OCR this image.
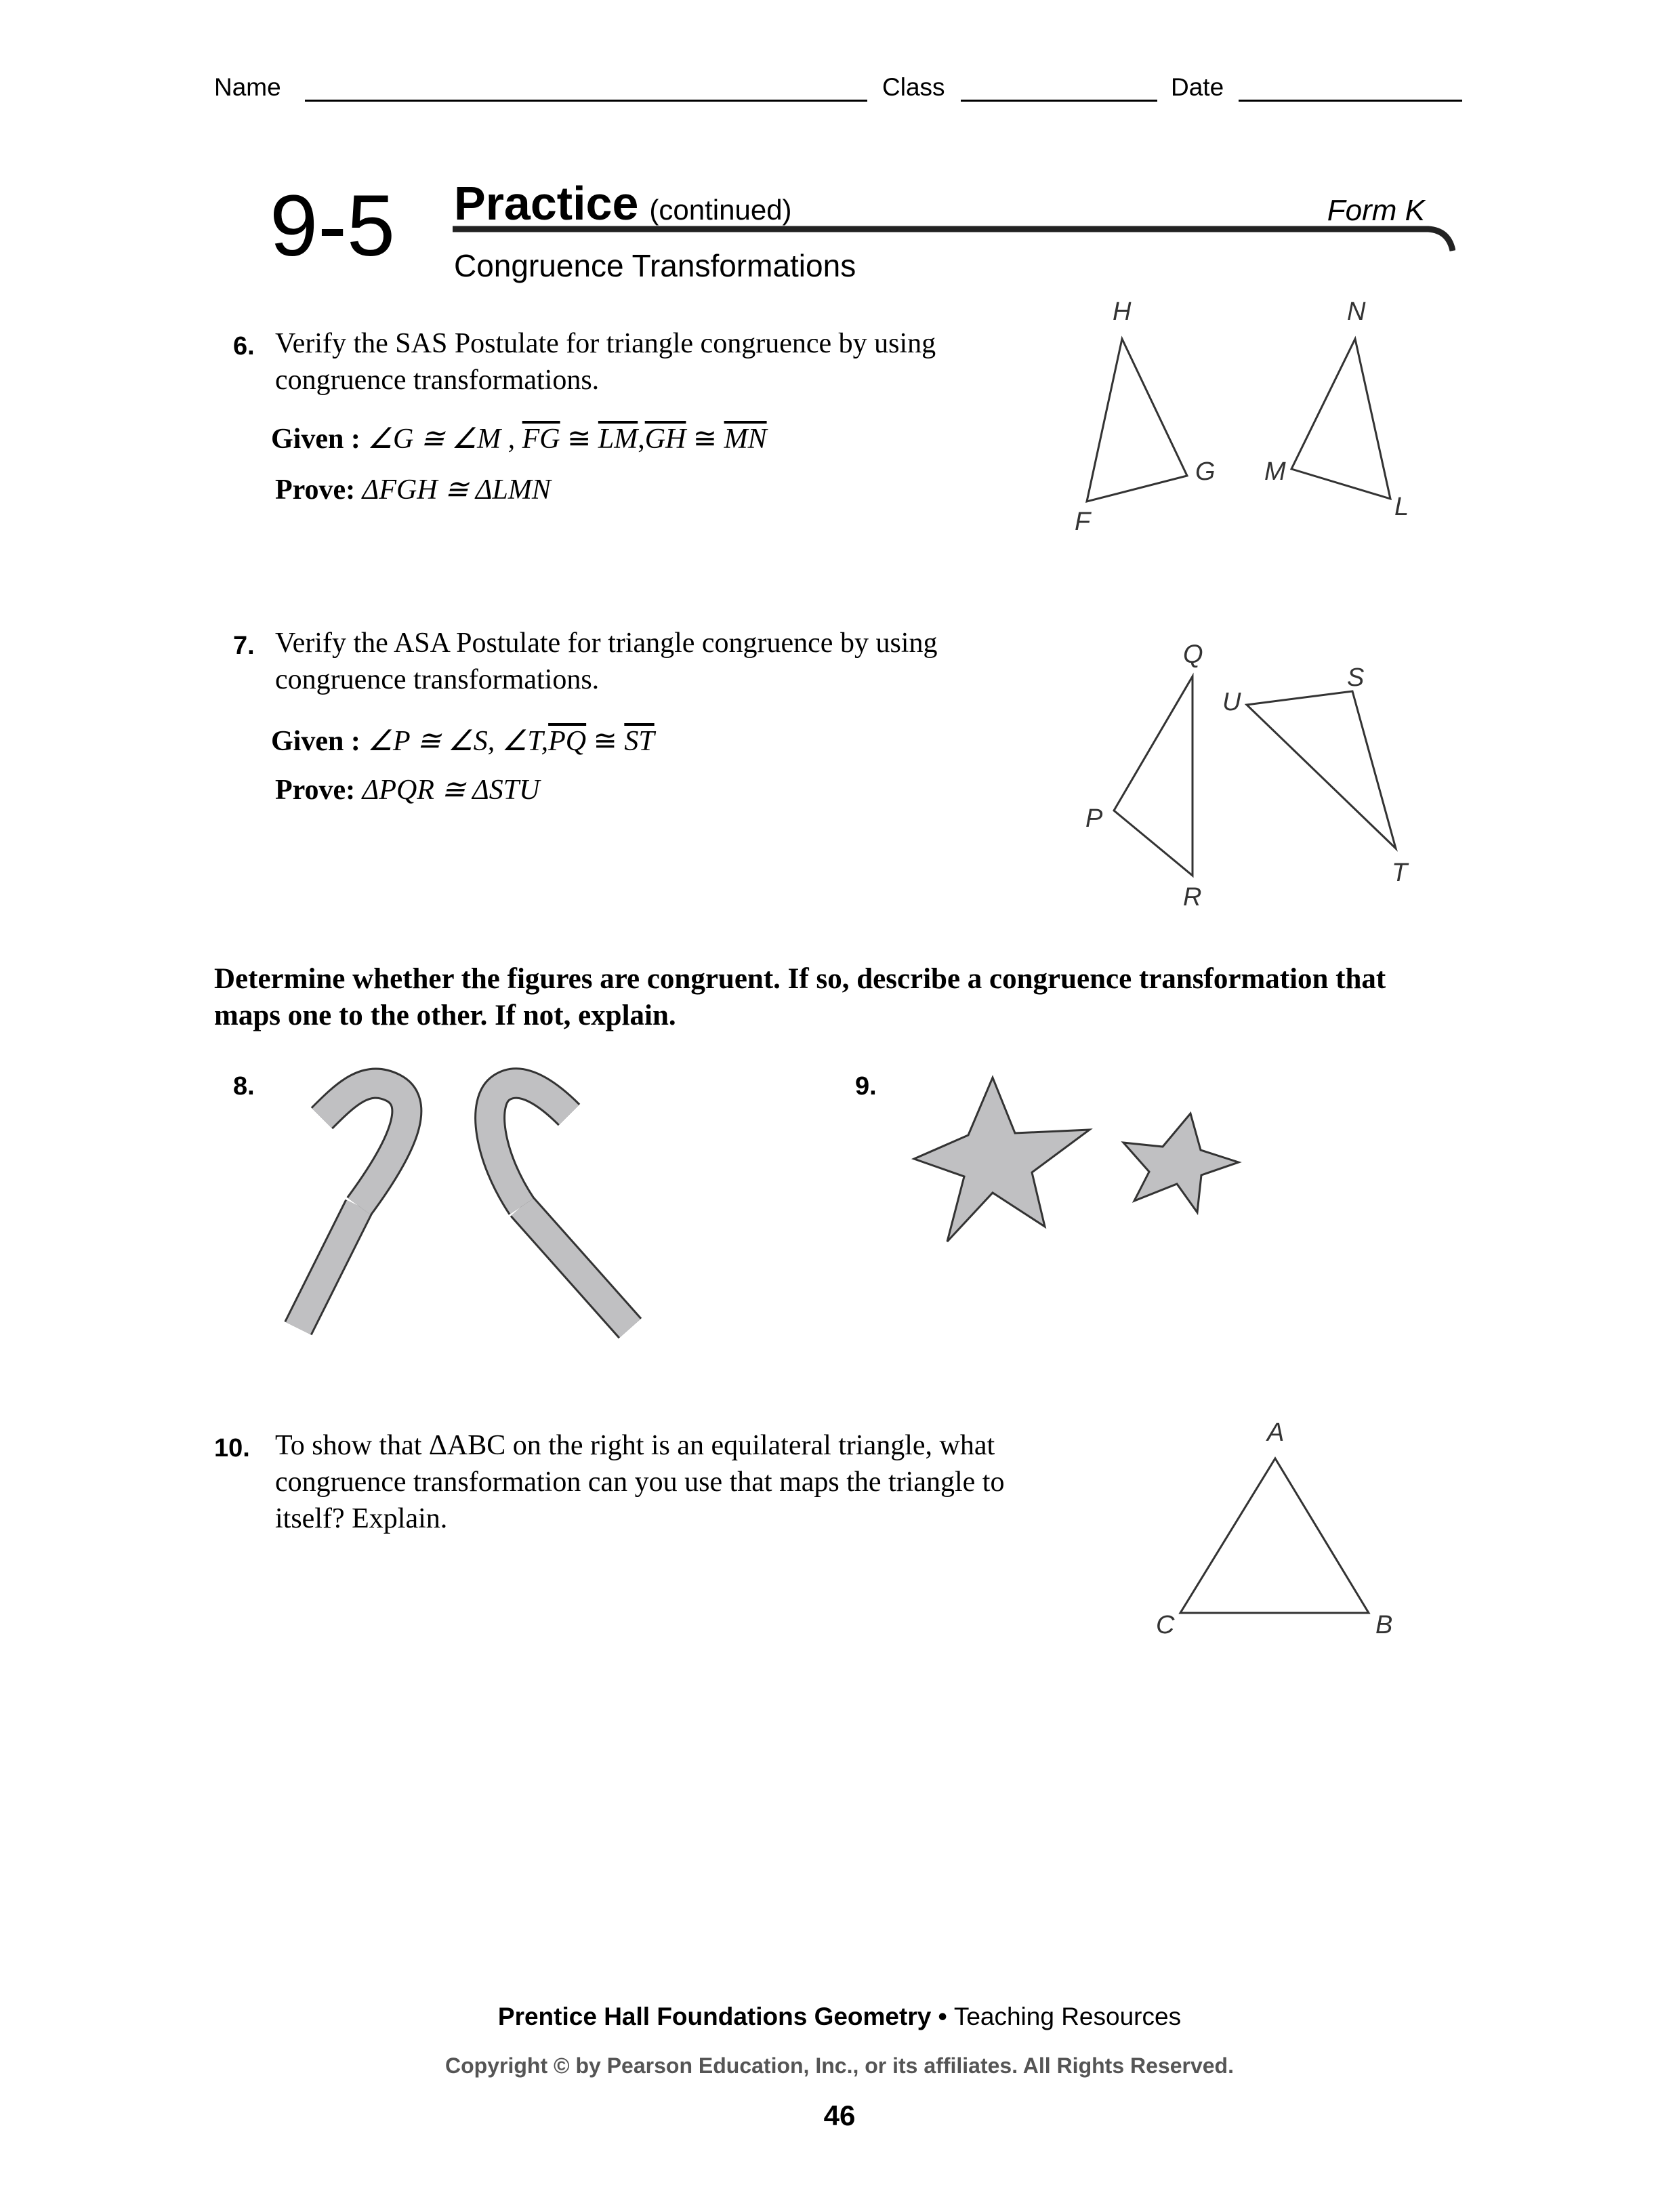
Name	Class	Date
9-5 Practice (continued)	Form K
Congruence Transformations
6. Verify the SAS Postulate for triangle congruence by using congruence transformations.
Given : ∠G ≅ ∠M , $\overline{FG}$ ≅ $\overline{LM},\overline{GH}$ ≅ $\overline{MN}$
Prove: ΔFGH ≅ ΔLMN
H
G
F
N
M
L
7. Verify the ASA Postulate for triangle congruence by using congruence transformations.
Given : ∠P ≅ ∠S, $\angle T,\overline{PQ}$ ≅ $\overline{ST}$
Prove: ΔPQR ≅ ΔSTU
Q
P
R
S
U
T
Determine whether the figures are congruent. If so, describe a congruence transformation that maps one to the other. If not, explain.
8.	9.
10. To show that ΔABC on the right is an equilateral triangle, what congruence transformation can you use that maps the triangle to itself? Explain.
A
C	B
Prentice Hall Foundations Geometry • Teaching Resources
Copyright © by Pearson Education, Inc., or its affiliates. All Rights Reserved.
46
